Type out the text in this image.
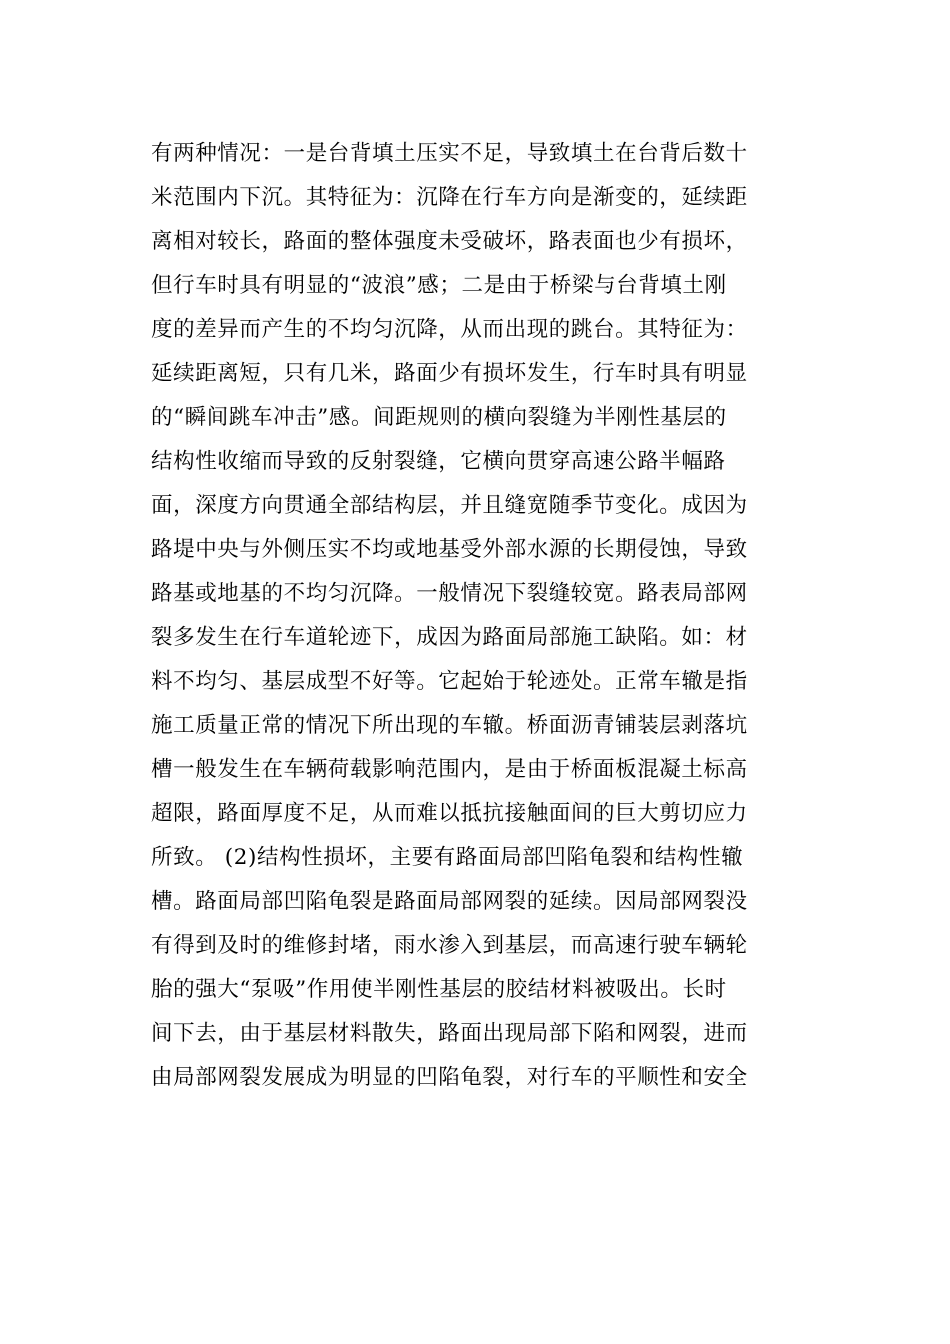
有两种情况：一是台背填土压实不足，导致填土在台背后数十
米范围内下沉。其特征为：沉降在行车方向是渐变的，延续距
离相对较长，路面的整体强度未受破坏，路表面也少有损坏，
但行车时具有明显的“波浪”感；二是由于桥梁与台背填土刚
度的差异而产生的不均匀沉降，从而出现的跳台。其特征为：
延续距离短，只有几米，路面少有损坏发生，行车时具有明显
的“瞬间跳车冲击”感。间距规则的横向裂缝为半刚性基层的
结构性收缩而导致的反射裂缝，它横向贯穿高速公路半幅路
面，深度方向贯通全部结构层，并且缝宽随季节变化。成因为
路堤中央与外侧压实不均或地基受外部水源的长期侵蚀，导致
路基或地基的不均匀沉降。一般情况下裂缝较宽。路表局部网
裂多发生在行车道轮迹下，成因为路面局部施工缺陷。如：材
料不均匀、基层成型不好等。它起始于轮迹处。正常车辙是指
施工质量正常的情况下所出现的车辙。桥面沥青铺装层剥落坑
槽一般发生在车辆荷载影响范围内，是由于桥面板混凝土标高
超限，路面厚度不足，从而难以抵抗接触面间的巨大剪切应力
所致。 (2)结构性损坏，主要有路面局部凹陷龟裂和结构性辙
槽。路面局部凹陷龟裂是路面局部网裂的延续。因局部网裂没
有得到及时的维修封堵，雨水渗入到基层，而高速行驶车辆轮
胎的强大“泵吸”作用使半刚性基层的胶结材料被吸出。长时
间下去，由于基层材料散失，路面出现局部下陷和网裂，进而
由局部网裂发展成为明显的凹陷龟裂，对行车的平顺性和安全
